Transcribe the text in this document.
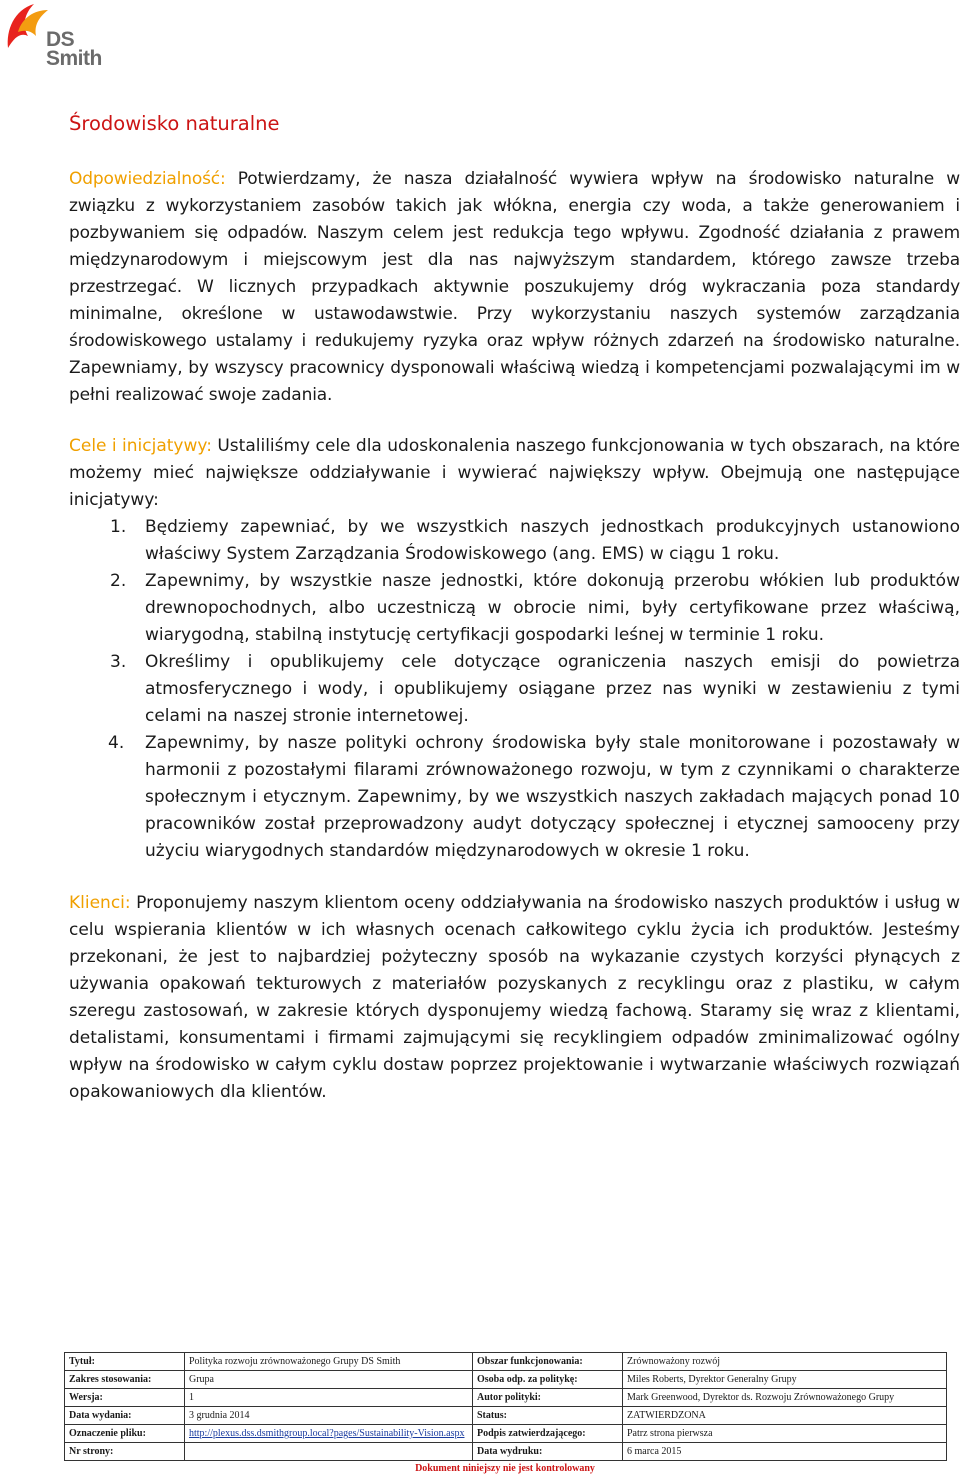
DS
Smith
Środowisko naturalne

Odpowiedzialność: Potwierdzamy, że nasza działalność wywiera wpływ na środowisko naturalne w związku z wykorzystaniem zasobów takich jak włókna, energia czy woda, a także generowaniem i pozbywaniem się odpadów. Naszym celem jest redukcja tego wpływu. Zgodność działania z prawem międzynarodowym i miejscowym jest dla nas najwyższym standardem, którego zawsze trzeba przestrzegać. W licznych przypadkach aktywnie poszukujemy dróg wykraczania poza standardy minimalne, określone w ustawodawstwie. Przy wykorzystaniu naszych systemów zarządzania środowiskowego ustalamy i redukujemy ryzyka oraz wpływ różnych zdarzeń na środowisko naturalne. Zapewniamy, by wszyscy pracownicy dysponowali właściwą wiedzą i kompetencjami pozwalającymi im w pełni realizować swoje zadania.

Cele i inicjatywy: Ustaliliśmy cele dla udoskonalenia naszego funkcjonowania w tych obszarach, na które możemy mieć największe oddziaływanie i wywierać największy wpływ. Obejmują one następujące inicjatywy:

1. Będziemy zapewniać, by we wszystkich naszych jednostkach produkcyjnych ustanowiono właściwy System Zarządzania Środowiskowego (ang. EMS) w ciągu 1 roku.
2. Zapewnimy, by wszystkie nasze jednostki, które dokonują przerobu włókien lub produktów drewnopochodnych, albo uczestniczą w obrocie nimi, były certyfikowane przez właściwą, wiarygodną, stabilną instytucję certyfikacji gospodarki leśnej w terminie 1 roku.
3. Określimy i opublikujemy cele dotyczące ograniczenia naszych emisji do powietrza atmosferycznego i wody, i opublikujemy osiągane przez nas wyniki w zestawieniu z tymi celami na naszej stronie internetowej.
4. Zapewnimy, by nasze polityki ochrony środowiska były stale monitorowane i pozostawały w harmonii z pozostałymi filarami zrównoważonego rozwoju, w tym z czynnikami o charakterze społecznym i etycznym. Zapewnimy, by we wszystkich naszych zakładach mających ponad 10 pracowników został przeprowadzony audyt dotyczący społecznej i etycznej samooceny przy użyciu wiarygodnych standardów międzynarodowych w okresie 1 roku.

Klienci: Proponujemy naszym klientom oceny oddziaływania na środowisko naszych produktów i usług w celu wspierania klientów w ich własnych ocenach całkowitego cyklu życia ich produktów. Jesteśmy przekonani, że jest to najbardziej pożyteczny sposób na wykazanie czystych korzyści płynących z używania opakowań tekturowych z materiałów pozyskanych z recyklingu oraz z plastiku, w całym szeregu zastosowań, w zakresie których dysponujemy wiedzą fachową. Staramy się wraz z klientami, detalistami, konsumentami i firmami zajmującymi się recyklingiem odpadów zminimalizować ogólny wpływ na środowisko w całym cyklu dostaw poprzez projektowanie i wytwarzanie właściwych rozwiązań opakowaniowych dla klientów.

Tytuł:	Polityka rozwoju zrównoważonego Grupy DS Smith	Obszar funkcjonowania:	Zrównoważony rozwój
Zakres stosowania:	Grupa	Osoba odp. za politykę:	Miles Roberts, Dyrektor Generalny Grupy
Wersja:	1	Autor polityki:	Mark Greenwood, Dyrektor ds. Rozwoju Zrównoważonego Grupy
Data wydania:	3 grudnia 2014	Status:	ZATWIERDZONA
Oznaczenie pliku:	http://plexus.dss.dsmithgroup.local?pages/Sustainability-Vision.aspx	Podpis zatwierdzającego:	Patrz strona pierwsza
Nr strony:		Data wydruku:	6 marca 2015
Dokument niniejszy nie jest kontrolowany
